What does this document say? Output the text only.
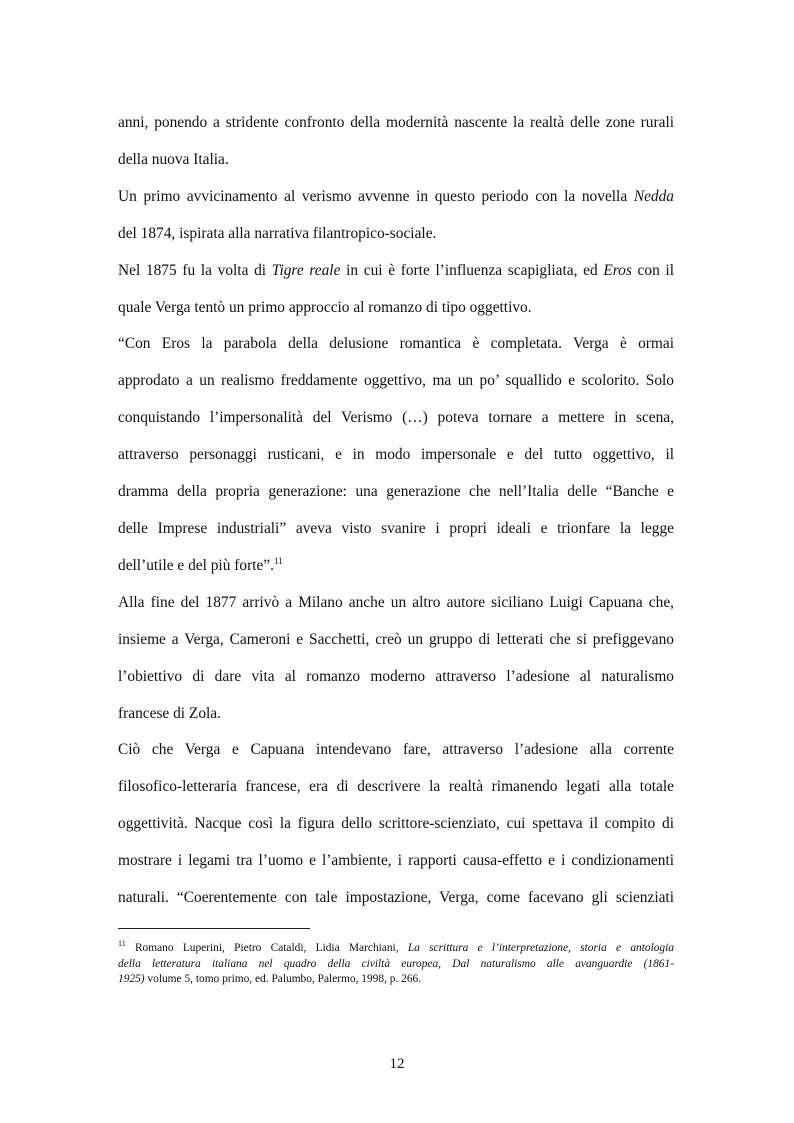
anni, ponendo a stridente confronto della modernità nascente la realtà delle zone rurali
della nuova Italia.

Un primo avvicinamento al verismo avvenne in questo periodo con la novella Nedda
del 1874, ispirata alla narrativa filantropico-sociale.

Nel 1875 fu la volta di Tigre reale in cui è forte l’influenza scapigliata, ed Eros con il
quale Verga tentò un primo approccio al romanzo di tipo oggettivo.

“Con Eros la parabola della delusione romantica è completata. Verga è ormai
approdato a un realismo freddamente oggettivo, ma un po’ squallido e scolorito. Solo
conquistando l’impersonalità del Verismo (…) poteva tornare a mettere in scena,
attraverso personaggi rusticani, e in modo impersonale e del tutto oggettivo, il
dramma della propria generazione: una generazione che nell’Italia delle “Banche e
delle Imprese industriali” aveva visto svanire i propri ideali e trionfare la legge
dell’utile e del più forte”.$^{11}$

Alla fine del 1877 arrivò a Milano anche un altro autore siciliano Luigi Capuana che,
insieme a Verga, Cameroni e Sacchetti, creò un gruppo di letterati che si prefiggevano
l’obiettivo di dare vita al romanzo moderno attraverso l’adesione al naturalismo
francese di Zola.

Ciò che Verga e Capuana intendevano fare, attraverso l’adesione alla corrente
filosofico-letteraria francese, era di descrivere la realtà rimanendo legati alla totale
oggettività. Nacque così la figura dello scrittore-scienziato, cui spettava il compito di
mostrare i legami tra l’uomo e l’ambiente, i rapporti causa-effetto e i condizionamenti
naturali. “Coerentemente con tale impostazione, Verga, come facevano gli scienziati

$^{11}$ Romano Luperini, Pietro Cataldi, Lidia Marchiani, La scrittura e l’interpretazione, storia e antologia
della letteratura italiana nel quadro della civiltà europea, Dal naturalismo alle avanguardie (1861-
1925) volume 5, tomo primo, ed. Palumbo, Palermo, 1998, p. 266.
12
